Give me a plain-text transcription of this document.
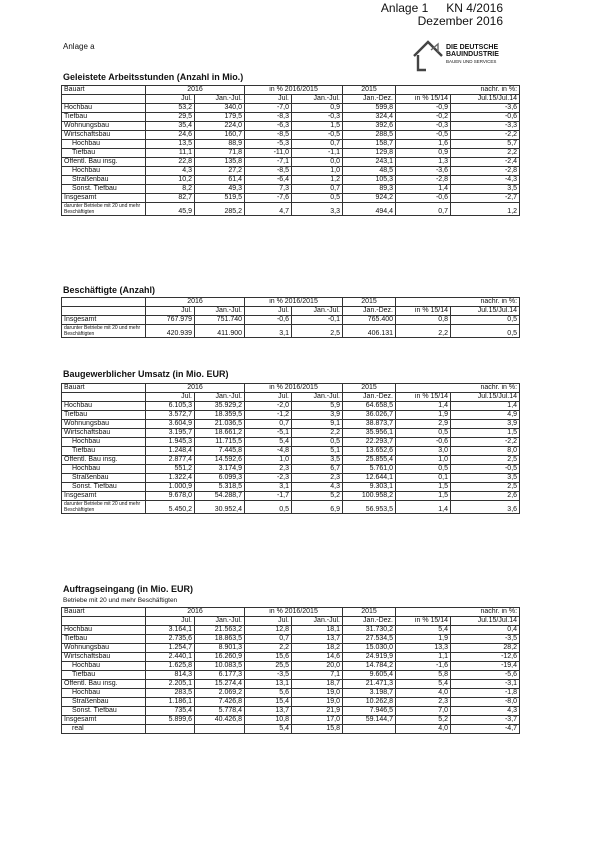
Anlage 1 KN 4/2016
Dezember 2016
Anlage a	DIE DEUTSCHE
BAUINDUSTRIE
BAUEN UND SERVICES
Geleistete Arbeitsstunden (Anzahl in Mio.)
Bauart	2016		in % 2016/2015		2015	nachr. in %:	
	Jul.	Jan.-Jul.	Jul.	Jan.-Jul.	Jan.-Dez.	in % 15/14	Jul.15/Jul.14
Hochbau	53,2	340,0	-7,0	0,9	599,8	-0,9	-3,6
Tiefbau	29,5	179,5	-8,3	-0,3	324,4	-0,2	-0,6
Wohnungsbau	35,4	224,0	-6,3	1,5	392,6	-0,3	-3,3
Wirtschaftsbau	24,6	160,7	-8,5	-0,5	288,5	-0,5	-2,2
Hochbau	13,5	88,9	-5,3	0,7	158,7	1,6	5,7
Tiefbau	11,1	71,8	-11,0	-1,1	129,8	0,9	2,2
Öffentl. Bau insg.	22,8	135,8	-7,1	0,0	243,1	1,3	-2,4
Hochbau	4,3	27,2	-8,5	1,0	48,5	-3,6	-2,8
Straßenbau	10,2	61,4	-6,4	1,2	105,3	-2,8	-4,3
Sonst. Tiefbau	8,2	49,3	7,3	0,7	89,3	1,4	3,5
Insgesamt	82,7	519,5	-7,6	0,5	924,2	-0,6	-2,7
darunter Betriebe mit 20 und mehr Beschäftigten	45,9	285,2	4,7	3,3	494,4	0,7	1,2
Beschäftigte (Anzahl)
	2016		in % 2016/2015		2015	nachr. in %:	
	Jul.	Jan.-Jul.	Jul.	Jan.-Jul.	Jan.-Dez.	in % 15/14	Jul.15/Jul.14
Insgesamt	767.979	751.740	-0,6	-0,1	765.400	0,8	0,5
darunter Betriebe mit 20 und mehr Beschäftigten	420.939	411.900	3,1	2,5	406.131	2,2	0,5
Baugewerblicher Umsatz (in Mio. EUR)
Bauart	2016		in % 2016/2015		2015	nachr. in %:	
	Jul.	Jan.-Jul.	Jul.	Jan.-Jul.	Jan.-Dez.	in % 15/14	Jul.15/Jul.14
Hochbau	6.105,3	35.929,2	-2,0	5,9	64.658,5	1,4	1,4
Tiefbau	3.572,7	18.359,5	-1,2	3,9	36.026,7	1,9	4,9
Wohnungsbau	3.604,9	21.036,5	0,7	9,1	38.873,7	2,9	3,9
Wirtschaftsbau	3.195,7	18.661,2	-5,1	2,2	35.956,1	0,5	1,5
Hochbau	1.945,3	11.715,5	5,4	0,5	22.293,7	-0,6	-2,2
Tiefbau	1.248,4	7.445,8	-4,8	5,1	13.652,6	3,0	8,0
Öffentl. Bau insg.	2.877,4	14.592,6	1,0	3,5	25.855,4	1,0	2,5
Hochbau	551,2	3.174,9	2,3	6,7	5.761,0	0,5	-0,5
Straßenbau	1.322,4	6.099,3	-2,3	2,3	12.644,1	0,1	3,5
Sonst. Tiefbau	1.000,9	5.318,5	3,1	4,3	9.303,1	1,5	2,5
Insgesamt	9.678,0	54.288,7	-1,7	5,2	100.958,2	1,5	2,6
darunter Betriebe mit 20 und mehr Beschäftigten	5.450,2	30.952,4	0,5	6,9	56.953,5	1,4	3,6
Auftragseingang (in Mio. EUR)
Betriebe mit 20 und mehr Beschäftigten
Bauart	2016		in % 2016/2015		2015	nachr. in %:	
	Jul.	Jan.-Jul.	Jul.	Jan.-Jul.	Jan.-Dez.	in % 15/14	Jul.15/Jul.14
Hochbau	3.164,1	21.563,2	12,8	18,1	31.730,2	5,4	0,4
Tiefbau	2.735,6	18.863,5	0,7	13,7	27.534,5	1,9	-3,5
Wohnungsbau	1.254,7	8.901,3	2,2	18,2	15.030,0	13,3	28,2
Wirtschaftsbau	2.440,1	16.260,9	15,6	14,6	24.919,9	1,1	-12,6
Hochbau	1.625,8	10.083,5	25,5	20,0	14.784,2	-1,6	-19,4
Tiefbau	814,3	6.177,3	-3,5	7,1	9.605,4	5,8	-5,6
Öffentl. Bau insg.	2.205,1	15.274,4	13,1	18,7	21.471,3	5,4	-3,1
Hochbau	283,5	2.069,2	5,6	19,0	3.198,7	4,0	-1,8
Straßenbau	1.186,1	7.426,8	15,4	19,0	10.262,8	2,3	-8,0
Sonst. Tiefbau	735,4	5.778,4	13,7	21,9	7.946,5	7,0	4,3
Insgesamt	5.899,6	40.426,8	10,8	17,0	59.144,7	5,2	-3,7
real			5,4	15,8		4,0	-4,7
